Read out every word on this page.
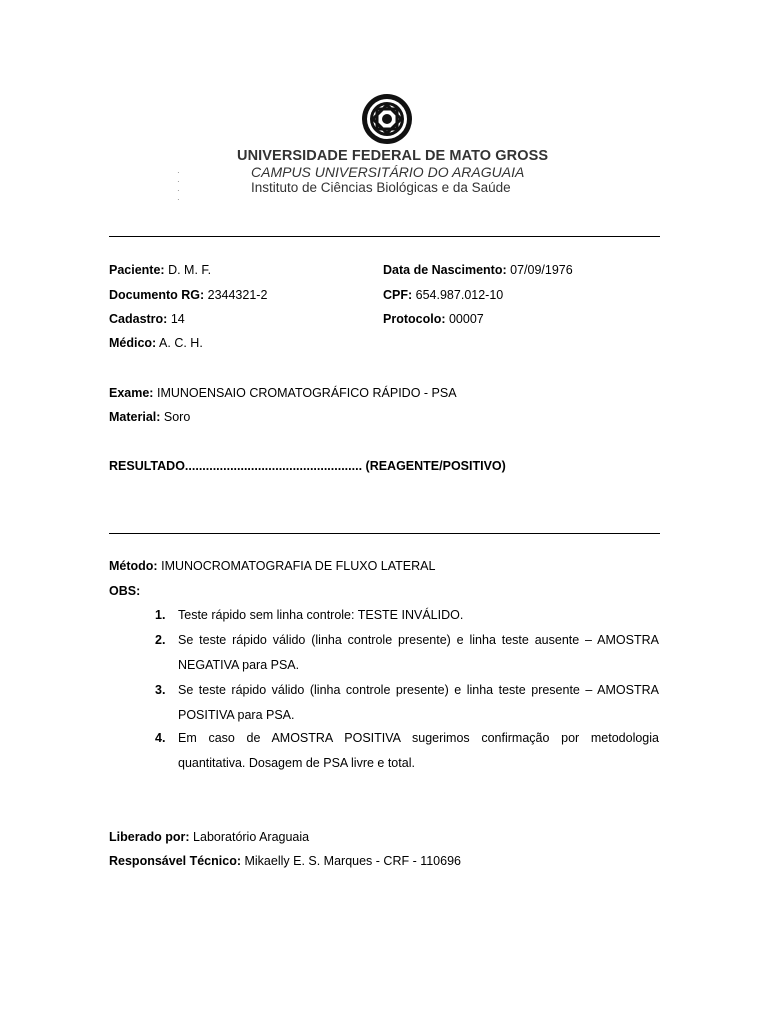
·
·
·
·
UNIVERSIDADE FEDERAL DE MATO GROSS
CAMPUS UNIVERSITÁRIO DO ARAGUAIA
Instituto de Ciências Biológicas e da Saúde
Paciente: D. M. F.	Data de Nascimento: 07/09/1976
Documento RG: 2344321-2	CPF: 654.987.012-10
Cadastro: 14	Protocolo: 00007
Médico: A. C. H.
Exame: IMUNOENSAIO CROMATOGRÁFICO RÁPIDO - PSA
Material: Soro
RESULTADO................................................... (REAGENTE/POSITIVO)
Método: IMUNOCROMATOGRAFIA DE FLUXO LATERAL
OBS:
1. Teste rápido sem linha controle: TESTE INVÁLIDO.
2. Se teste rápido válido (linha controle presente) e linha teste ausente – AMOSTRA NEGATIVA para PSA.
3. Se teste rápido válido (linha controle presente) e linha teste presente – AMOSTRA POSITIVA para PSA.
4. Em caso de AMOSTRA POSITIVA sugerimos confirmação por metodologia quantitativa. Dosagem de PSA livre e total.
Liberado por: Laboratório Araguaia
Responsável Técnico: Mikaelly E. S. Marques - CRF - 110696
